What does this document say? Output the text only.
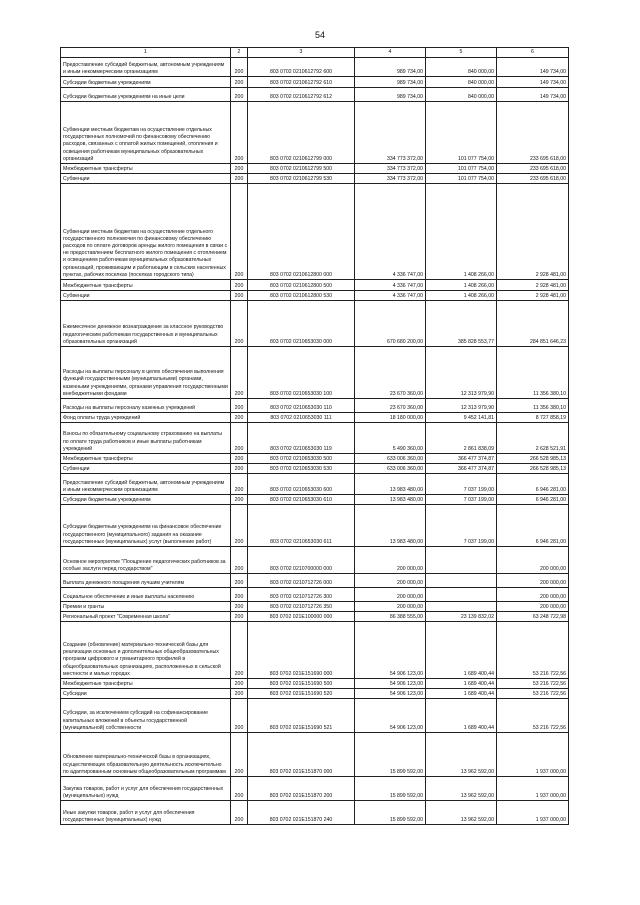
54
1	2	3	4	5	6
Предоставление субсидий бюджетным, автономным учреждениям и иным некоммерческим организациям	200	803 0702 0210612792 600	989 734,00	840 000,00	149 734,00
Субсидии бюджетным учреждениям	200	803 0702 0210612792 610	989 734,00	840 000,00	149 734,00
Субсидии бюджетным учреждениям на иные цели	200	803 0702 0210612792 612	989 734,00	840 000,00	149 734,00
Субвенции местным бюджетам на осуществление отдельных государственных полномочий по финансовому обеспечению расходов, связанных с оплатой жилых помещений, отопления и освещения работникам муниципальных образовательных организаций	200	803 0702 0210612799 000	334 773 372,00	101 077 754,00	233 695 618,00
Межбюджетные трансферты	200	803 0702 0210612799 500	334 773 372,00	101 077 754,00	233 695 618,00
Субвенции	200	803 0702 0210612799 530	334 773 372,00	101 077 754,00	233 695 618,00
Субвенции местным бюджетам на осуществление отдельного государственного полномочия по финансовому обеспечению расходов по оплате договоров аренды жилого помещения в связи с не предоставлением бесплатного жилого помещения с отоплением и освещением работникам муниципальных образовательных организаций, проживающим и работающим в сельских населенных пунктах, рабочих поселках (поселках городского типа)	200	803 0702 0210612800 000	4 336 747,00	1 408 266,00	2 928 481,00
Межбюджетные трансферты	200	803 0702 0210612800 500	4 336 747,00	1 408 266,00	2 928 481,00
Субвенции	200	803 0702 0210612800 530	4 336 747,00	1 408 266,00	2 928 481,00
Ежемесячное денежное вознаграждение за классное руководство педагогическим работникам государственных и муниципальных образовательных организаций	200	803 0702 0210653030 000	670 680 200,00	385 828 553,77	284 851 646,23
Расходы на выплаты персоналу в целях обеспечения выполнения функций государственными (муниципальными) органами, казенными учреждениями, органами управления государственными внебюджетными фондами	200	803 0702 0210653030 100	23 670 360,00	12 313 979,90	11 356 380,10
Расходы на выплаты персоналу казенных учреждений	200	803 0702 0210653030 110	23 670 360,00	12 313 979,90	11 356 380,10
Фонд оплаты труда учреждений	200	803 0702 0210653030 111	18 180 000,00	9 452 141,81	8 727 858,19
Взносы по обязательному социальному страхованию на выплаты по оплате труда работников и иные выплаты работникам учреждений	200	803 0702 0210653030 119	5 490 360,00	2 861 838,09	2 628 521,91
Межбюджетные трансферты	200	803 0702 0210653030 500	633 006 360,00	366 477 374,87	266 528 985,13
Субвенции	200	803 0702 0210653030 530	633 006 360,00	366 477 374,87	266 528 985,13
Предоставление субсидий бюджетным, автономным учреждениям и иным некоммерческим организациям	200	803 0702 0210653030 600	13 983 480,00	7 037 199,00	6 946 281,00
Субсидии бюджетным учреждениям	200	803 0702 0210653030 610	13 983 480,00	7 037 199,00	6 946 281,00
Субсидии бюджетным учреждениям на финансовое обеспечение государственного (муниципального) задания на оказание государственных (муниципальных) услуг (выполнение работ)	200	803 0702 0210653030 611	13 983 480,00	7 037 199,00	6 946 281,00
Основное мероприятие "Поощрение педагогических работников за особые заслуги перед государством"	200	803 0702 0210700000 000	200 000,00		200 000,00
Выплата денежного поощрения лучшим учителям	200	803 0702 0210712726 000	200 000,00		200 000,00
Социальное обеспечение и иные выплаты населению	200	803 0702 0210712726 300	200 000,00		200 000,00
Премии и гранты	200	803 0702 0210712726 350	200 000,00		200 000,00
Региональный проект "Современная школа"	200	803 0702 021E100000 000	86 388 555,00	23 139 832,02	63 248 722,98
Создание (обновление) материально-технической базы для реализации основных и дополнительных общеобразовательных программ цифрового и гуманитарного профилей в общеобразовательных организациях, расположенных в сельской местности и малых городах	200	803 0702 021E151690 000	54 906 123,00	1 689 400,44	53 216 722,56
Межбюджетные трансферты	200	803 0702 021E151690 500	54 906 123,00	1 689 400,44	53 216 722,56
Субсидии	200	803 0702 021E151690 520	54 906 123,00	1 689 400,44	53 216 722,56
Субсидии, за исключением субсидий на софинансирование капитальных вложений в объекты государственной (муниципальной) собственности	200	803 0702 021E151690 521	54 906 123,00	1 689 400,44	53 216 722,56
Обновление материально-технической базы в организациях, осуществляющих образовательную деятельность исключительно по адаптированным основным общеобразовательным программам	200	803 0702 021E151870 000	15 899 592,00	13 962 592,00	1 937 000,00
Закупка товаров, работ и услуг для обеспечения государственных (муниципальных) нужд	200	803 0702 021E151870 200	15 899 592,00	13 962 592,00	1 937 000,00
Иные закупки товаров, работ и услуг для обеспечения государственных (муниципальных) нужд	200	803 0702 021E151870 240	15 899 592,00	13 962 592,00	1 937 000,00
